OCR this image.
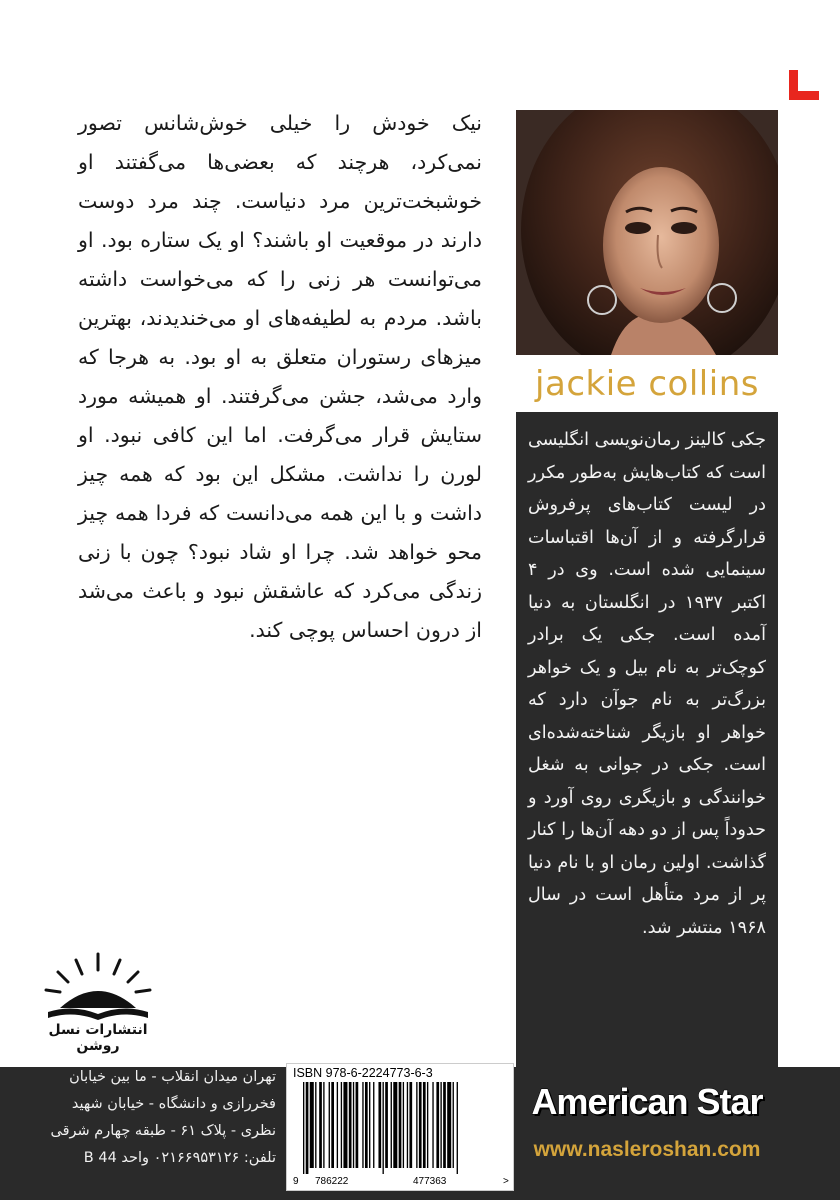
نیک خودش را خیلی خوش‌شانس تصور نمی‌کرد، هرچند که بعضی‌ها می‌گفتند او خوشبخت‌ترین مرد دنیاست. چند مرد دوست دارند در موقعیت او باشند؟ او یک ستاره بود. او می‌توانست هر زنی را که می‌خواست داشته باشد. مردم به لطیفه‌های او می‌خندیدند، بهترین میزهای رستوران متعلق به او بود. به هرجا که وارد می‌شد، جشن می‌گرفتند. او همیشه مورد ستایش قرار می‌گرفت. اما این کافی نبود. او لورن را نداشت. مشکل این بود که همه چیز داشت و با این همه می‌دانست که فردا همه چیز محو خواهد شد. چرا او شاد نبود؟ چون با زنی زندگی می‌کرد که عاشقش نبود و باعث می‌شد از درون احساس پوچی کند.
jackie collins
جکی کالینز رمان‌نویسی انگلیسی است که کتاب‌هایش به‌طور مکرر در لیست کتاب‌های پرفروش قرارگرفته و از آن‌ها اقتباسات سینمایی شده است. وی در ۴ اکتبر ۱۹۳۷ در انگلستان به دنیا آمده است. جکی یک برادر کوچک‌تر به نام بیل و یک خواهر بزرگ‌تر به نام جوآن دارد که خواهر او بازیگر شناخته‌شده‌ای است. جکی در جوانی به شغل خوانندگی و بازیگری روی آورد و حدوداً پس از دو دهه آن‌ها را کنار گذاشت. اولین رمان او با نام دنیا پر از مرد متأهل است در سال ۱۹۶۸ منتشر شد.
انتشارات نسل روشن
تهران میدان انقلاب - ما بین خیابان
فخررازی و دانشگاه - خیابان شهید
نظری - پلاک ۶۱ - طبقه چهارم شرقی
تلفن: ۰۲۱۶۶۹۵۳۱۲۶ واحد B 44
ISBN 978-6-2224773-6-3
9 786222	477363	>
American Star
www.nasleroshan.com
